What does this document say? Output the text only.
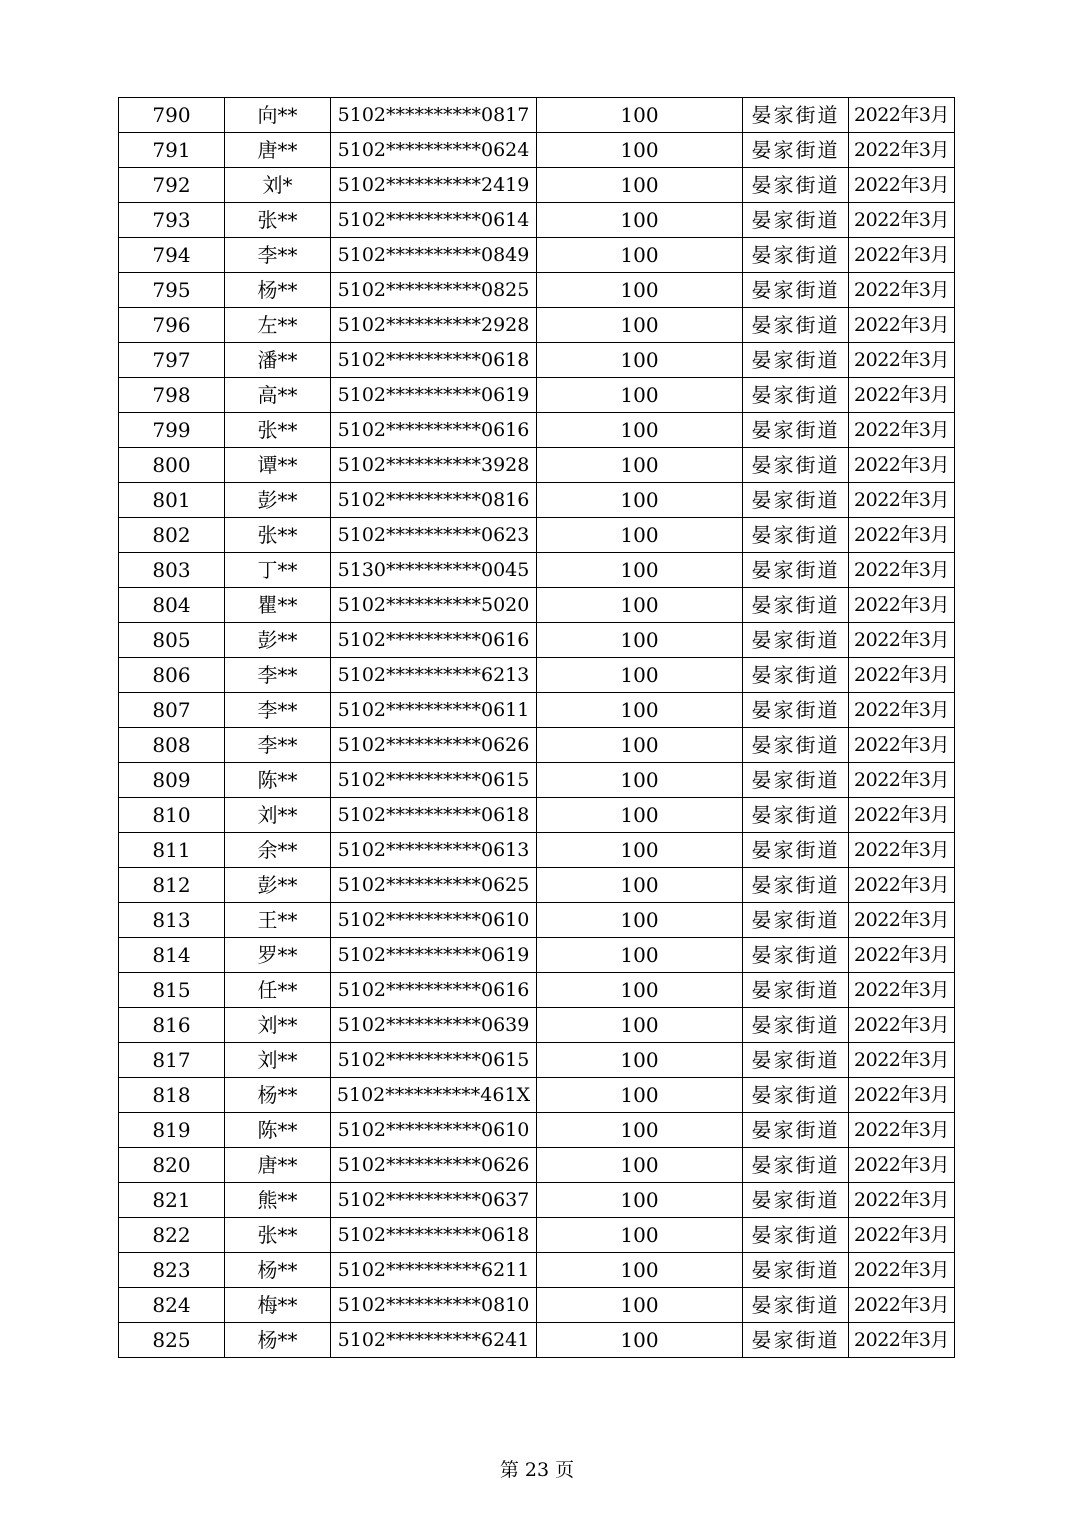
790	向**	5102**********0817	100	晏家街道	2022年3月
791	唐**	5102**********0624	100	晏家街道	2022年3月
792	刘*	5102**********2419	100	晏家街道	2022年3月
793	张**	5102**********0614	100	晏家街道	2022年3月
794	李**	5102**********0849	100	晏家街道	2022年3月
795	杨**	5102**********0825	100	晏家街道	2022年3月
796	左**	5102**********2928	100	晏家街道	2022年3月
797	潘**	5102**********0618	100	晏家街道	2022年3月
798	高**	5102**********0619	100	晏家街道	2022年3月
799	张**	5102**********0616	100	晏家街道	2022年3月
800	谭**	5102**********3928	100	晏家街道	2022年3月
801	彭**	5102**********0816	100	晏家街道	2022年3月
802	张**	5102**********0623	100	晏家街道	2022年3月
803	丁**	5130**********0045	100	晏家街道	2022年3月
804	瞿**	5102**********5020	100	晏家街道	2022年3月
805	彭**	5102**********0616	100	晏家街道	2022年3月
806	李**	5102**********6213	100	晏家街道	2022年3月
807	李**	5102**********0611	100	晏家街道	2022年3月
808	李**	5102**********0626	100	晏家街道	2022年3月
809	陈**	5102**********0615	100	晏家街道	2022年3月
810	刘**	5102**********0618	100	晏家街道	2022年3月
811	余**	5102**********0613	100	晏家街道	2022年3月
812	彭**	5102**********0625	100	晏家街道	2022年3月
813	王**	5102**********0610	100	晏家街道	2022年3月
814	罗**	5102**********0619	100	晏家街道	2022年3月
815	任**	5102**********0616	100	晏家街道	2022年3月
816	刘**	5102**********0639	100	晏家街道	2022年3月
817	刘**	5102**********0615	100	晏家街道	2022年3月
818	杨**	5102**********461X	100	晏家街道	2022年3月
819	陈**	5102**********0610	100	晏家街道	2022年3月
820	唐**	5102**********0626	100	晏家街道	2022年3月
821	熊**	5102**********0637	100	晏家街道	2022年3月
822	张**	5102**********0618	100	晏家街道	2022年3月
823	杨**	5102**********6211	100	晏家街道	2022年3月
824	梅**	5102**********0810	100	晏家街道	2022年3月
825	杨**	5102**********6241	100	晏家街道	2022年3月
第 23 页
